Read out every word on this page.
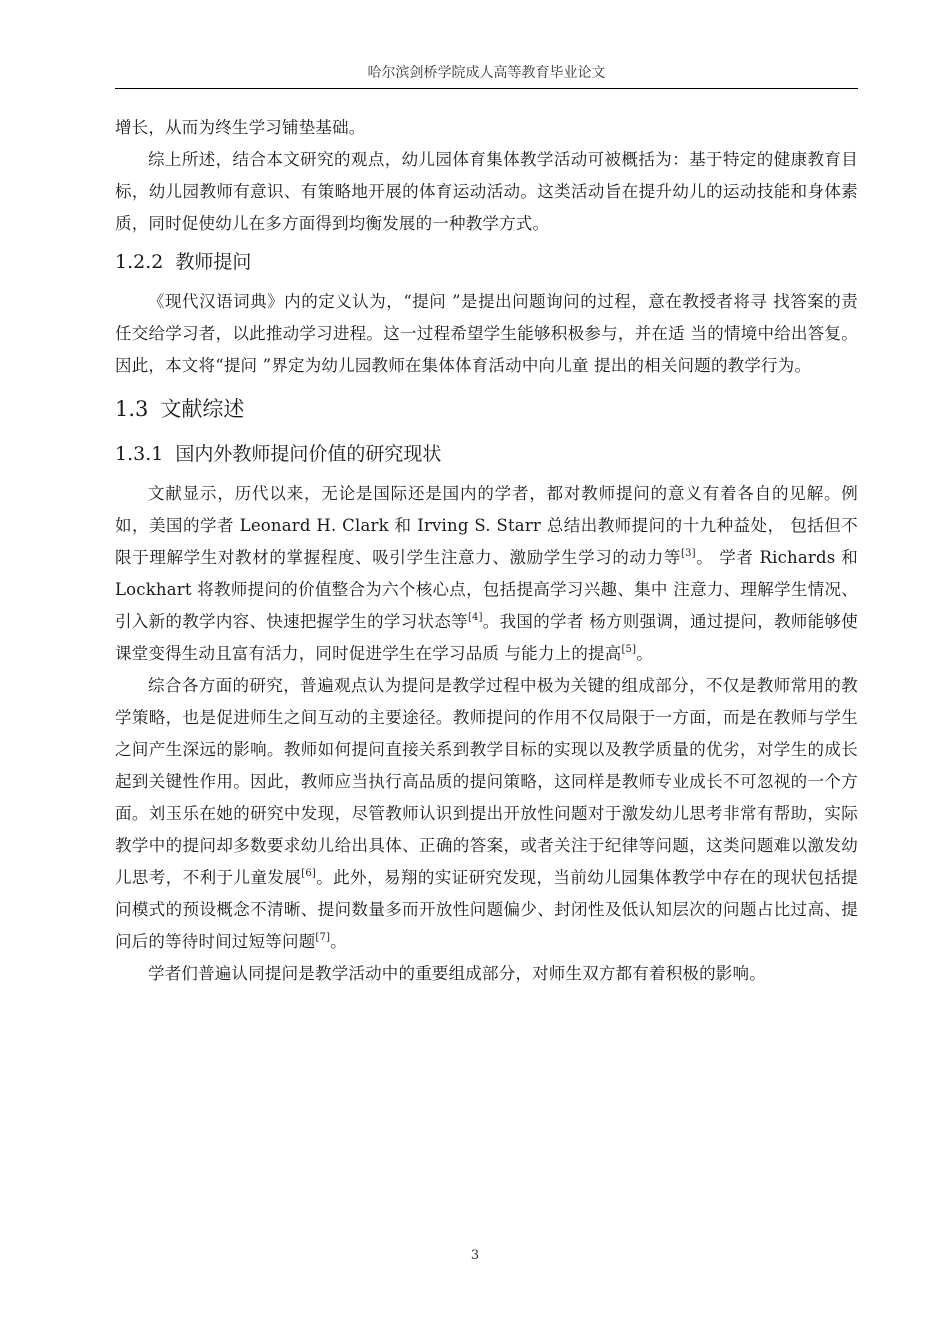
哈尔滨剑桥学院成人高等教育毕业论文

增长，从而为终生学习铺垫基础。

综上所述，结合本文研究的观点，幼儿园体育集体教学活动可被概括为：基于特定的健康教育目标，幼儿园教师有意识、有策略地开展的体育运动活动。这类活动旨在提升幼儿的运动技能和身体素质，同时促使幼儿在多方面得到均衡发展的一种教学方式。

1.2.2 教师提问

《现代汉语词典》内的定义认为，“提问 ”是提出问题询问的过程，意在教授者将寻 找答案的责任交给学习者，以此推动学习进程。这一过程希望学生能够积极参与，并在适 当的情境中给出答复。因此，本文将“提问 ”界定为幼儿园教师在集体体育活动中向儿童 提出的相关问题的教学行为。

1.3 文献综述
1.3.1 国内外教师提问价值的研究现状

文献显示，历代以来，无论是国际还是国内的学者，都对教师提问的意义有着各自的见解。例如，美国的学者 Leonard H. Clark 和 Irving S. Starr 总结出教师提问的十九种益处， 包括但不限于理解学生对教材的掌握程度、吸引学生注意力、激励学生学习的动力等[3]。 学者 Richards 和 Lockhart 将教师提问的价值整合为六个核心点，包括提高学习兴趣、集中 注意力、理解学生情况、引入新的教学内容、快速把握学生的学习状态等[4]。我国的学者 杨方则强调，通过提问，教师能够使课堂变得生动且富有活力，同时促进学生在学习品质 与能力上的提高[5]。

综合各方面的研究，普遍观点认为提问是教学过程中极为关键的组成部分，不仅是教师常用的教学策略，也是促进师生之间互动的主要途径。教师提问的作用不仅局限于一方面，而是在教师与学生之间产生深远的影响。教师如何提问直接关系到教学目标的实现以及教学质量的优劣，对学生的成长起到关键性作用。因此，教师应当执行高品质的提问策略，这同样是教师专业成长不可忽视的一个方面。刘玉乐在她的研究中发现，尽管教师认识到提出开放性问题对于激发幼儿思考非常有帮助，实际教学中的提问却多数要求幼儿给出具体、正确的答案，或者关注于纪律等问题，这类问题难以激发幼儿思考，不利于儿童发展[6]。此外，易翔的实证研究发现，当前幼儿园集体教学中存在的现状包括提问模式的预设概念不清晰、提问数量多而开放性问题偏少、封闭性及低认知层次的问题占比过高、提问后的等待时间过短等问题[7]。

学者们普遍认同提问是教学活动中的重要组成部分，对师生双方都有着积极的影响。

3
